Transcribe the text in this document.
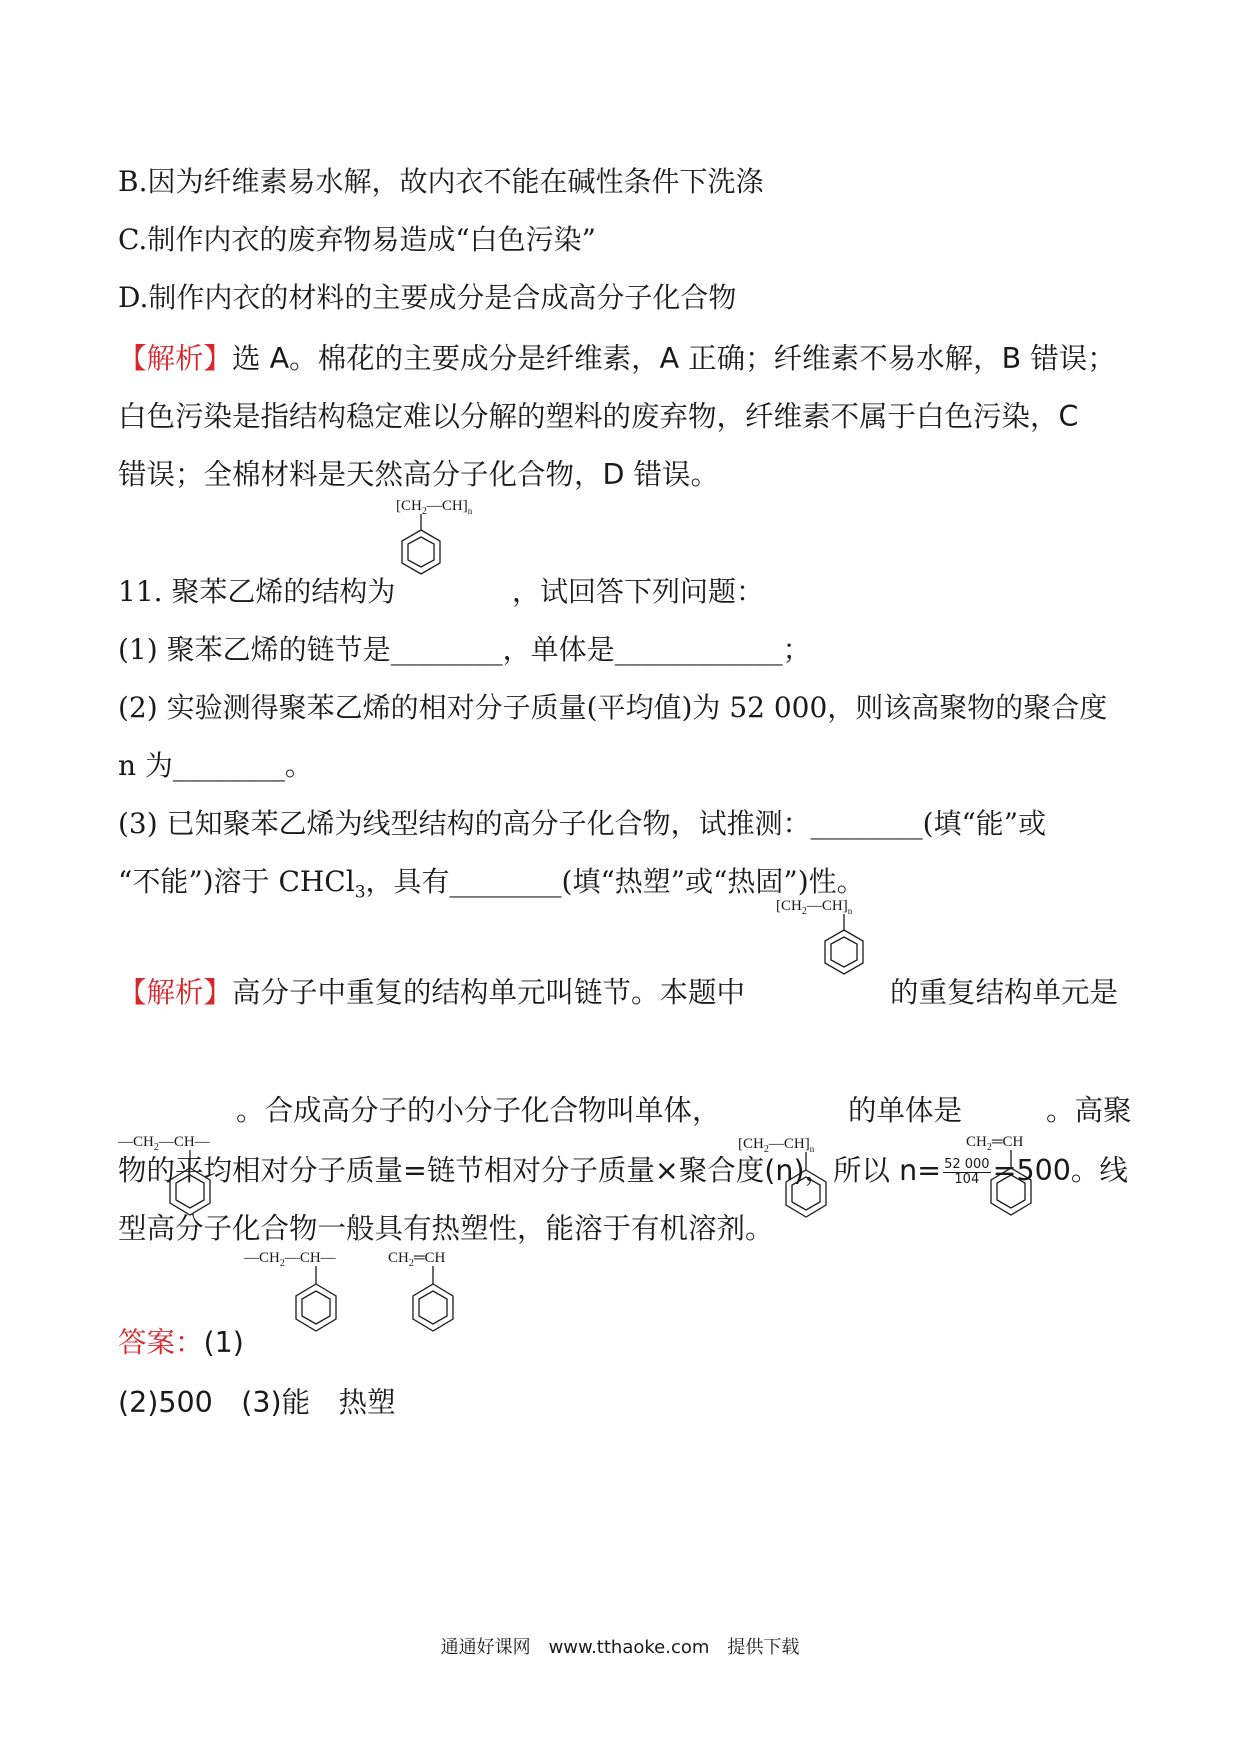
B.因为纤维素易水解，故内衣不能在碱性条件下洗涤
C.制作内衣的废弃物易造成“白色污染”
D.制作内衣的材料的主要成分是合成高分子化合物
【解析】选 A。棉花的主要成分是纤维素，A 正确；纤维素不易水解，B 错误；
白色污染是指结构稳定难以分解的塑料的废弃物，纤维素不属于白色污染，C
错误；全棉材料是天然高分子化合物，D 错误。
11. 聚苯乙烯的结构为
$[CH_2—CH]_n$
，试回答下列问题：
(1) 聚苯乙烯的链节是________，单体是____________；
(2) 实验测得聚苯乙烯的相对分子质量(平均值)为 52 000，则该高聚物的聚合度
n 为________。
(3) 已知聚苯乙烯为线型结构的高分子化合物，试推测：________(填“能”或
“不能”)溶于 CHCl$_3$，具有________(填“热塑”或“热固”)性。
【解析】高分子中重复的结构单元叫链节。本题中
$[CH_2—CH]_n$
的重复结构单元是
$—CH_2—CH—$
。合成高分子的小分子化合物叫单体，
$[CH_2—CH]_n$
的单体是
$CH_2═CH$
。高聚
物的平均相对分子质量=链节相对分子质量×聚合度(n)，所以 $n= \frac{52 000}{104} =500$。线
型高分子化合物一般具有热塑性，能溶于有机溶剂。
答案：(1)
$—CH_2—CH—$	$CH_2═CH$
(2)500　(3)能　热塑
通通好课网　www.tthaoke.com　提供下载
